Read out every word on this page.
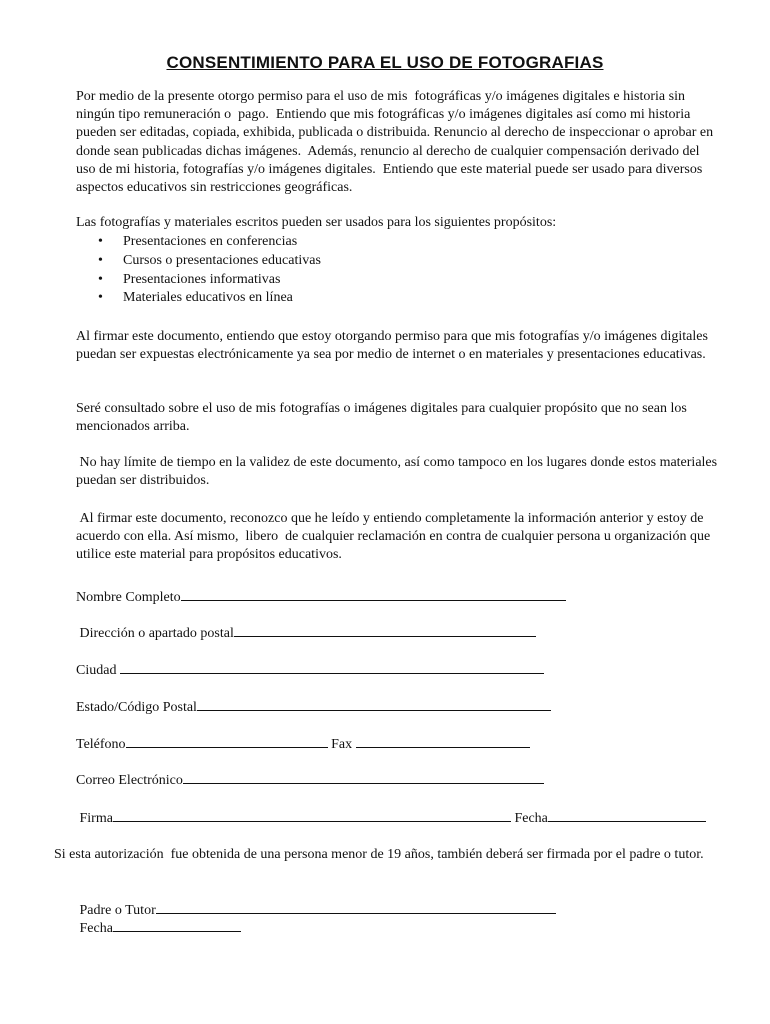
CONSENTIMIENTO PARA EL USO DE FOTOGRAFIAS
Por medio de la presente otorgo permiso para el uso de mis  fotográficas y/o imágenes digitales e historia sin ningún tipo remuneración o  pago.  Entiendo que mis fotográficas y/o imágenes digitales así como mi historia pueden ser editadas, copiada, exhibida, publicada o distribuida. Renuncio al derecho de inspeccionar o aprobar en donde sean publicadas dichas imágenes.  Además, renuncio al derecho de cualquier compensación derivado del  uso de mi historia, fotografías y/o imágenes digitales.  Entiendo que este material puede ser usado para diversos aspectos educativos sin restricciones geográficas.
Las fotografías y materiales escritos pueden ser usados para los siguientes propósitos:
• Presentaciones en conferencias
• Cursos o presentaciones educativas
• Presentaciones informativas
• Materiales educativos en línea
Al firmar este documento, entiendo que estoy otorgando permiso para que mis fotografías y/o imágenes digitales puedan ser expuestas electrónicamente ya sea por medio de internet o en materiales y presentaciones educativas.
Seré consultado sobre el uso de mis fotografías o imágenes digitales para cualquier propósito que no sean los mencionados arriba.
No hay límite de tiempo en la validez de este documento, así como tampoco en los lugares donde estos materiales puedan ser distribuidos.
Al firmar este documento, reconozco que he leído y entiendo completamente la información anterior y estoy de acuerdo con ella. Así mismo,  libero  de cualquier reclamación en contra de cualquier persona u organización que utilice este material para propósitos educativos.
Nombre Completo
Dirección o apartado postal
Ciudad
Estado/Código Postal
Teléfono	Fax
Correo Electrónico
Firma	Fecha
Si esta autorización  fue obtenida de una persona menor de 19 años, también deberá ser firmada por el padre o tutor.
Padre o Tutor
Fecha
